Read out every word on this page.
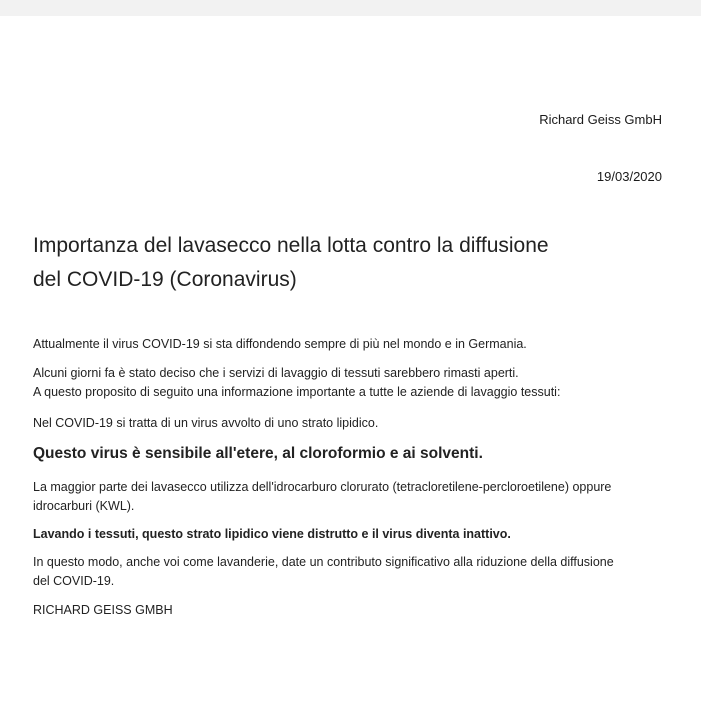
Richard Geiss GmbH
19/03/2020
Importanza del lavasecco nella lotta contro la diffusione
del COVID-19 (Coronavirus)

Attualmente il virus COVID-19 si sta diffondendo sempre di più nel mondo e in Germania.

Alcuni giorni fa è stato deciso che i servizi di lavaggio di tessuti sarebbero rimasti aperti.
A questo proposito di seguito una informazione importante a tutte le aziende di lavaggio tessuti:

Nel COVID-19 si tratta di un virus avvolto di uno strato lipidico.

Questo virus è sensibile all'etere, al cloroformio e ai solventi.

La maggior parte dei lavasecco utilizza dell'idrocarburo clorurato (tetracloretilene-percloroetilene) oppure
idrocarburi (KWL).

Lavando i tessuti, questo strato lipidico viene distrutto e il virus diventa inattivo.

In questo modo, anche voi come lavanderie, date un contributo significativo alla riduzione della diffusione
del COVID-19.

RICHARD GEISS GMBH
